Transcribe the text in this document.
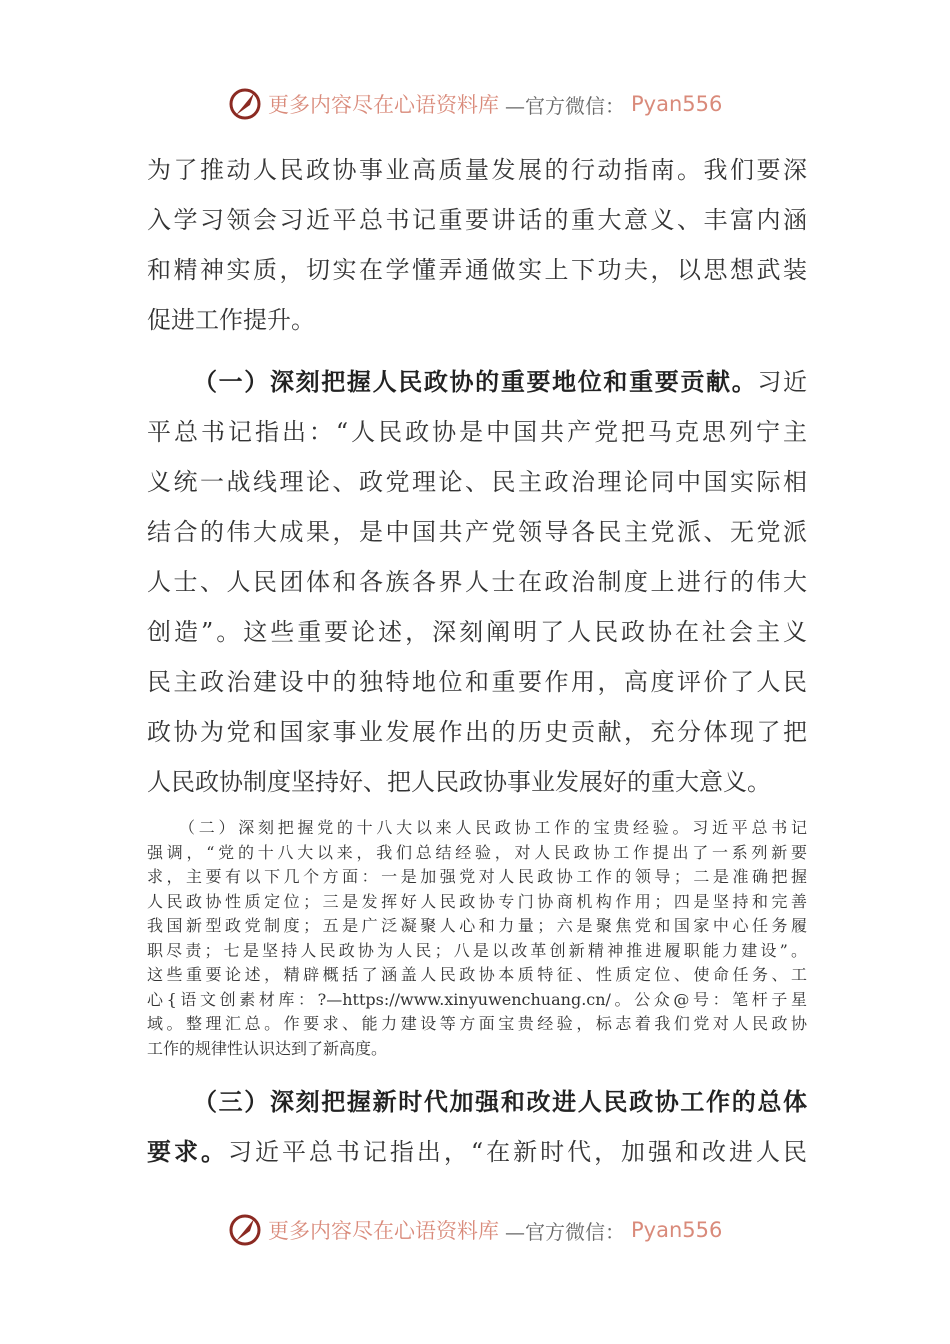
更多内容尽在心语资料库 —官方微信： Pyan556
为了推动人民政协事业高质量发展的行动指南。我们要深
入学习领会习近平总书记重要讲话的重大意义、丰富内涵
和精神实质，切实在学懂弄通做实上下功夫，以思想武装
促进工作提升。
（一）深刻把握人民政协的重要地位和重要贡献。习近
平总书记指出：“人民政协是中国共产党把马克思列宁主
义统一战线理论、政党理论、民主政治理论同中国实际相
结合的伟大成果，是中国共产党领导各民主党派、无党派
人士、人民团体和各族各界人士在政治制度上进行的伟大
创造”。这些重要论述，深刻阐明了人民政协在社会主义
民主政治建设中的独特地位和重要作用，高度评价了人民
政协为党和国家事业发展作出的历史贡献，充分体现了把
人民政协制度坚持好、把人民政协事业发展好的重大意义。
（二）深刻把握党的十八大以来人民政协工作的宝贵经验。习近平总书记
强调，“党的十八大以来，我们总结经验，对人民政协工作提出了一系列新要
求，主要有以下几个方面：一是加强党对人民政协工作的领导；二是准确把握
人民政协性质定位；三是发挥好人民政协专门协商机构作用；四是坚持和完善
我国新型政党制度；五是广泛凝聚人心和力量；六是聚焦党和国家中心任务履
职尽责；七是坚持人民政协为人民；八是以改革创新精神推进履职能力建设”。
这些重要论述，精辟概括了涵盖人民政协本质特征、性质定位、使命任务、工
心{语文创素材库：?—https://www.xinyuwenchuang.cn/。公众@号：笔杆子星
域。整理汇总。作要求、能力建设等方面宝贵经验，标志着我们党对人民政协
工作的规律性认识达到了新高度。
（三）深刻把握新时代加强和改进人民政协工作的总体
要求。习近平总书记指出，“在新时代，加强和改进人民
更多内容尽在心语资料库 —官方微信： Pyan556
